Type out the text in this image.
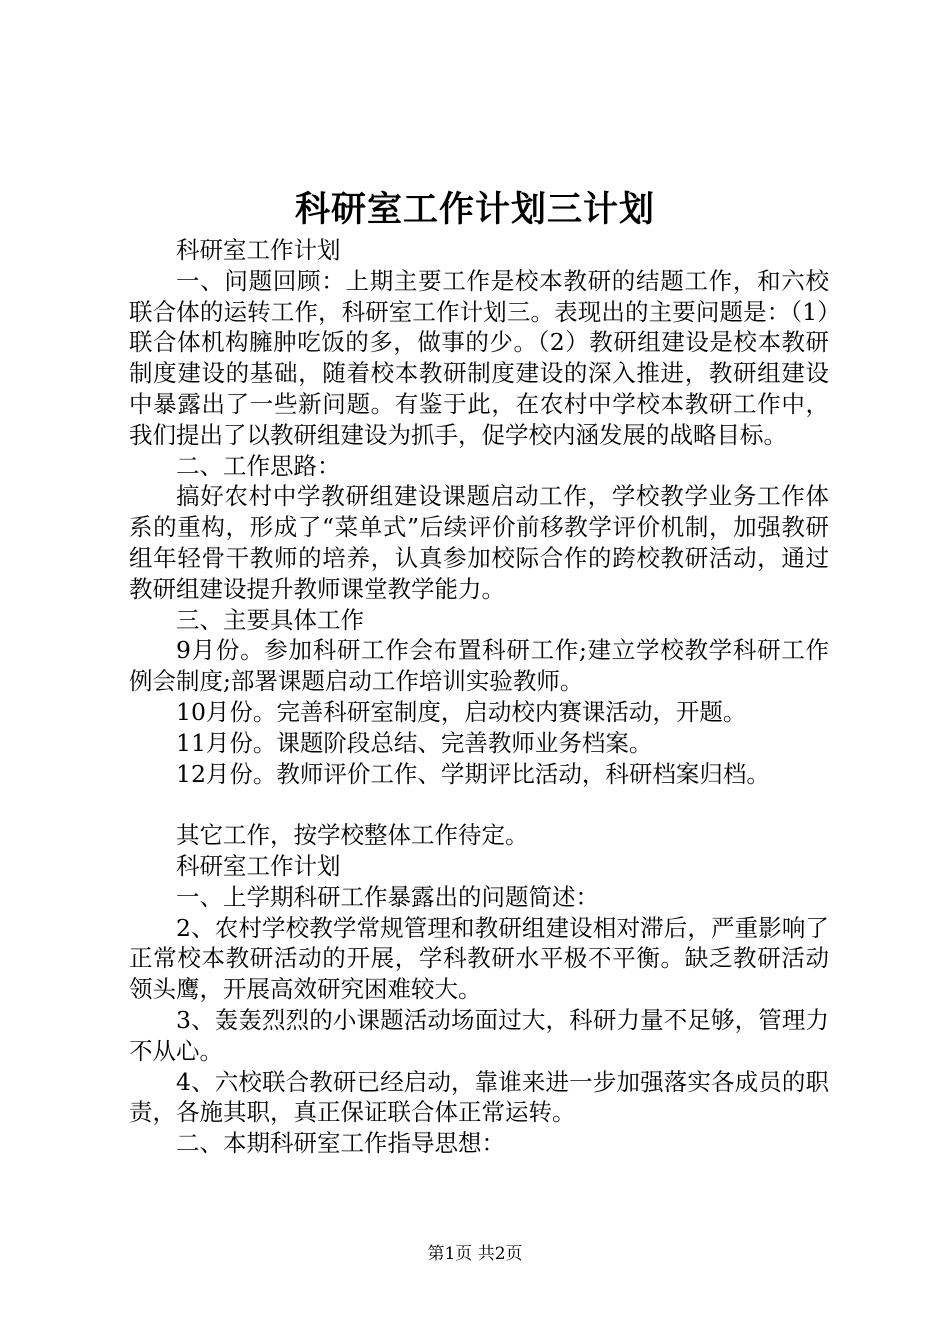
科研室工作计划三计划

科研室工作计划

一、问题回顾：上期主要工作是校本教研的结题工作，和六校联合体的运转工作，科研室工作计划三。表现出的主要问题是：（1）联合体机构臃肿吃饭的多，做事的少。（2）教研组建设是校本教研制度建设的基础，随着校本教研制度建设的深入推进，教研组建设中暴露出了一些新问题。有鉴于此，在农村中学校本教研工作中，我们提出了以教研组建设为抓手，促学校内涵发展的战略目标。

二、工作思路：

搞好农村中学教研组建设课题启动工作，学校教学业务工作体系的重构，形成了“菜单式”后续评价前移教学评价机制，加强教研组年轻骨干教师的培养，认真参加校际合作的跨校教研活动，通过教研组建设提升教师课堂教学能力。

三、主要具体工作

9月份。参加科研工作会布置科研工作;建立学校教学科研工作例会制度;部署课题启动工作培训实验教师。

10月份。完善科研室制度，启动校内赛课活动，开题。

11月份。课题阶段总结、完善教师业务档案。

12月份。教师评价工作、学期评比活动，科研档案归档。

其它工作，按学校整体工作待定。

科研室工作计划

一、上学期科研工作暴露出的问题简述：

2、农村学校教学常规管理和教研组建设相对滞后，严重影响了正常校本教研活动的开展，学科教研水平极不平衡。缺乏教研活动领头鹰，开展高效研究困难较大。

3、轰轰烈烈的小课题活动场面过大，科研力量不足够，管理力不从心。

4、六校联合教研已经启动，靠谁来进一步加强落实各成员的职责，各施其职，真正保证联合体正常运转。

二、本期科研室工作指导思想：

第1页 共2页
